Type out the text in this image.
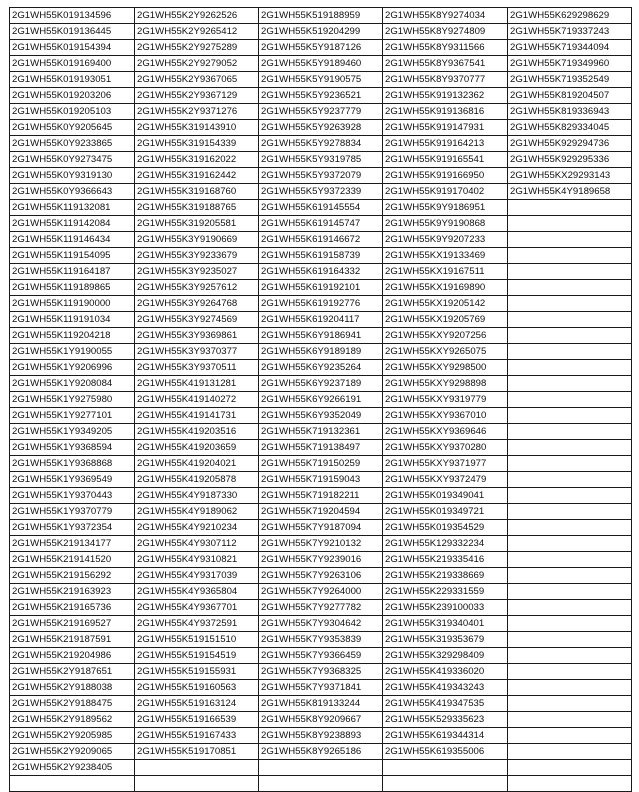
2G1WH55K019134596	2G1WH55K2Y9262526	2G1WH55K519188959	2G1WH55K8Y9274034	2G1WH55K629298629
2G1WH55K019136445	2G1WH55K2Y9265412	2G1WH55K519204299	2G1WH55K8Y9274809	2G1WH55K719337243
2G1WH55K019154394	2G1WH55K2Y9275289	2G1WH55K5Y9187126	2G1WH55K8Y9311566	2G1WH55K719344094
2G1WH55K019169400	2G1WH55K2Y9279052	2G1WH55K5Y9189460	2G1WH55K8Y9367541	2G1WH55K719349960
2G1WH55K019193051	2G1WH55K2Y9367065	2G1WH55K5Y9190575	2G1WH55K8Y9370777	2G1WH55K719352549
2G1WH55K019203206	2G1WH55K2Y9367129	2G1WH55K5Y9236521	2G1WH55K919132362	2G1WH55K819204507
2G1WH55K019205103	2G1WH55K2Y9371276	2G1WH55K5Y9237779	2G1WH55K919136816	2G1WH55K819336943
2G1WH55K0Y9205645	2G1WH55K319143910	2G1WH55K5Y9263928	2G1WH55K919147931	2G1WH55K829334045
2G1WH55K0Y9233865	2G1WH55K319154339	2G1WH55K5Y9278834	2G1WH55K919164213	2G1WH55K929294736
2G1WH55K0Y9273475	2G1WH55K319162022	2G1WH55K5Y9319785	2G1WH55K919165541	2G1WH55K929295336
2G1WH55K0Y9319130	2G1WH55K319162442	2G1WH55K5Y9372079	2G1WH55K919166950	2G1WH55KX29293143
2G1WH55K0Y9366643	2G1WH55K319168760	2G1WH55K5Y9372339	2G1WH55K919170402	2G1WH55K4Y9189658
2G1WH55K119132081	2G1WH55K319188765	2G1WH55K619145554	2G1WH55K9Y9186951	
2G1WH55K119142084	2G1WH55K319205581	2G1WH55K619145747	2G1WH55K9Y9190868	
2G1WH55K119146434	2G1WH55K3Y9190669	2G1WH55K619146672	2G1WH55K9Y9207233	
2G1WH55K119154095	2G1WH55K3Y9233679	2G1WH55K619158739	2G1WH55KX19133469	
2G1WH55K119164187	2G1WH55K3Y9235027	2G1WH55K619164332	2G1WH55KX19167511	
2G1WH55K119189865	2G1WH55K3Y9257612	2G1WH55K619192101	2G1WH55KX19169890	
2G1WH55K119190000	2G1WH55K3Y9264768	2G1WH55K619192776	2G1WH55KX19205142	
2G1WH55K119191034	2G1WH55K3Y9274569	2G1WH55K619204117	2G1WH55KX19205769	
2G1WH55K119204218	2G1WH55K3Y9369861	2G1WH55K6Y9186941	2G1WH55KXY9207256	
2G1WH55K1Y9190055	2G1WH55K3Y9370377	2G1WH55K6Y9189189	2G1WH55KXY9265075	
2G1WH55K1Y9206996	2G1WH55K3Y9370511	2G1WH55K6Y9235264	2G1WH55KXY9298500	
2G1WH55K1Y9208084	2G1WH55K419131281	2G1WH55K6Y9237189	2G1WH55KXY9298898	
2G1WH55K1Y9275980	2G1WH55K419140272	2G1WH55K6Y9266191	2G1WH55KXY9319779	
2G1WH55K1Y9277101	2G1WH55K419141731	2G1WH55K6Y9352049	2G1WH55KXY9367010	
2G1WH55K1Y9349205	2G1WH55K419203516	2G1WH55K719132361	2G1WH55KXY9369646	
2G1WH55K1Y9368594	2G1WH55K419203659	2G1WH55K719138497	2G1WH55KXY9370280	
2G1WH55K1Y9368868	2G1WH55K419204021	2G1WH55K719150259	2G1WH55KXY9371977	
2G1WH55K1Y9369549	2G1WH55K419205878	2G1WH55K719159043	2G1WH55KXY9372479	
2G1WH55K1Y9370443	2G1WH55K4Y9187330	2G1WH55K719182211	2G1WH55K019349041	
2G1WH55K1Y9370779	2G1WH55K4Y9189062	2G1WH55K719204594	2G1WH55K019349721	
2G1WH55K1Y9372354	2G1WH55K4Y9210234	2G1WH55K7Y9187094	2G1WH55K019354529	
2G1WH55K219134177	2G1WH55K4Y9307112	2G1WH55K7Y9210132	2G1WH55K129332234	
2G1WH55K219141520	2G1WH55K4Y9310821	2G1WH55K7Y9239016	2G1WH55K219335416	
2G1WH55K219156292	2G1WH55K4Y9317039	2G1WH55K7Y9263106	2G1WH55K219338669	
2G1WH55K219163923	2G1WH55K4Y9365804	2G1WH55K7Y9264000	2G1WH55K229331559	
2G1WH55K219165736	2G1WH55K4Y9367701	2G1WH55K7Y9277782	2G1WH55K239100033	
2G1WH55K219169527	2G1WH55K4Y9372591	2G1WH55K7Y9304642	2G1WH55K319340401	
2G1WH55K219187591	2G1WH55K519151510	2G1WH55K7Y9353839	2G1WH55K319353679	
2G1WH55K219204986	2G1WH55K519154519	2G1WH55K7Y9366459	2G1WH55K329298409	
2G1WH55K2Y9187651	2G1WH55K519155931	2G1WH55K7Y9368325	2G1WH55K419336020	
2G1WH55K2Y9188038	2G1WH55K519160563	2G1WH55K7Y9371841	2G1WH55K419343243	
2G1WH55K2Y9188475	2G1WH55K519163124	2G1WH55K819133244	2G1WH55K419347535	
2G1WH55K2Y9189562	2G1WH55K519166539	2G1WH55K8Y9209667	2G1WH55K529335623	
2G1WH55K2Y9205985	2G1WH55K519167433	2G1WH55K8Y9238893	2G1WH55K619344314	
2G1WH55K2Y9209065	2G1WH55K519170851	2G1WH55K8Y9265186	2G1WH55K619355006	
2G1WH55K2Y9238405				
